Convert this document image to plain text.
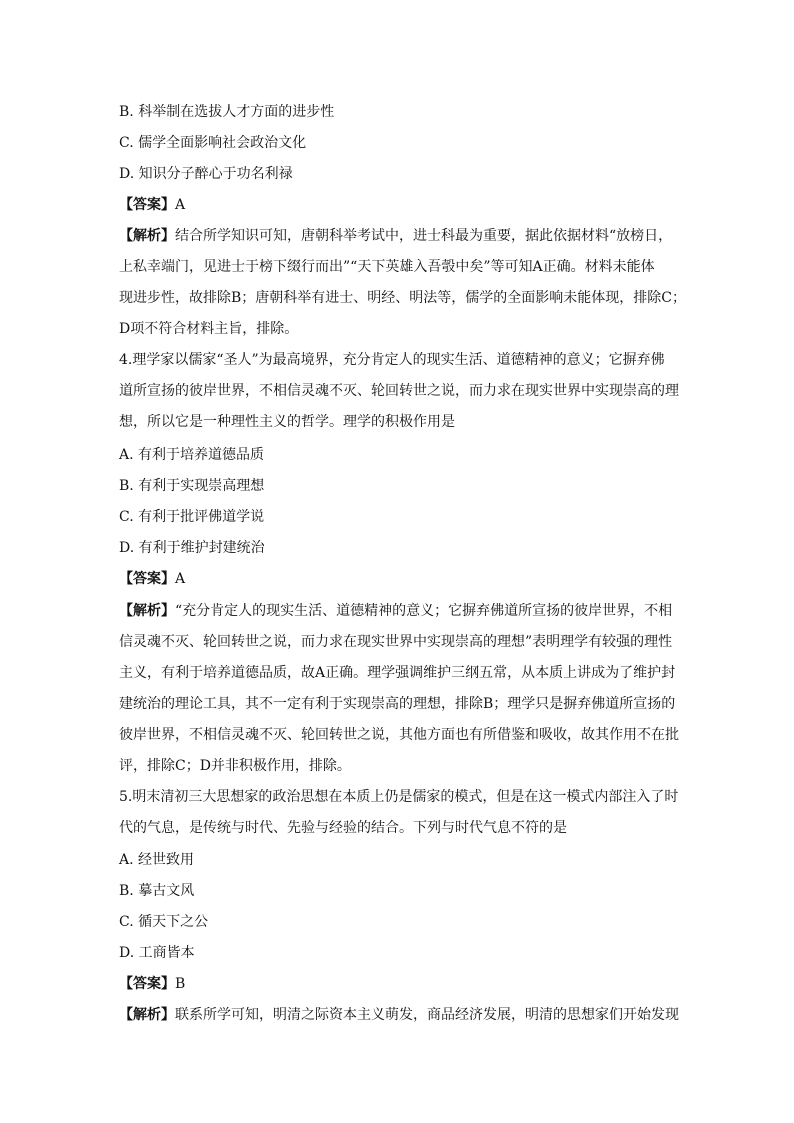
B. 科举制在选拔人才方面的进步性
C. 儒学全面影响社会政治文化
D. 知识分子醉心于功名利禄
【答案】A

【解析】结合所学知识可知，唐朝科举考试中，进士科最为重要，据此依据材料“放榜日，

上私幸端门，见进士于榜下缀行而出”“天下英雄入吾彀中矣”等可知A正确。材料未能体

现进步性，故排除B；唐朝科举有进士、明经、明法等，儒学的全面影响未能体现，排除C；

D项不符合材料主旨，排除。

4.理学家以儒家“圣人”为最高境界，充分肯定人的现实生活、道德精神的意义；它摒弃佛

道所宣扬的彼岸世界，不相信灵魂不灭、轮回转世之说，而力求在现实世界中实现崇高的理

想，所以它是一种理性主义的哲学。理学的积极作用是

A. 有利于培养道德品质
B. 有利于实现崇高理想
C. 有利于批评佛道学说
D. 有利于维护封建统治
【答案】A

【解析】“充分肯定人的现实生活、道德精神的意义；它摒弃佛道所宣扬的彼岸世界，不相

信灵魂不灭、轮回转世之说，而力求在现实世界中实现崇高的理想”表明理学有较强的理性

主义，有利于培养道德品质，故A正确。理学强调维护三纲五常，从本质上讲成为了维护封

建统治的理论工具，其不一定有利于实现崇高的理想，排除B；理学只是摒弃佛道所宣扬的

彼岸世界，不相信灵魂不灭、轮回转世之说，其他方面也有所借鉴和吸收，故其作用不在批

评，排除C；D并非积极作用，排除。

5.明末清初三大思想家的政治思想在本质上仍是儒家的模式，但是在这一模式内部注入了时

代的气息，是传统与时代、先验与经验的结合。下列与时代气息不符的是

A. 经世致用
B. 摹古文风
C. 循天下之公
D. 工商皆本
【答案】B

【解析】联系所学可知，明清之际资本主义萌发，商品经济发展，明清的思想家们开始发现
